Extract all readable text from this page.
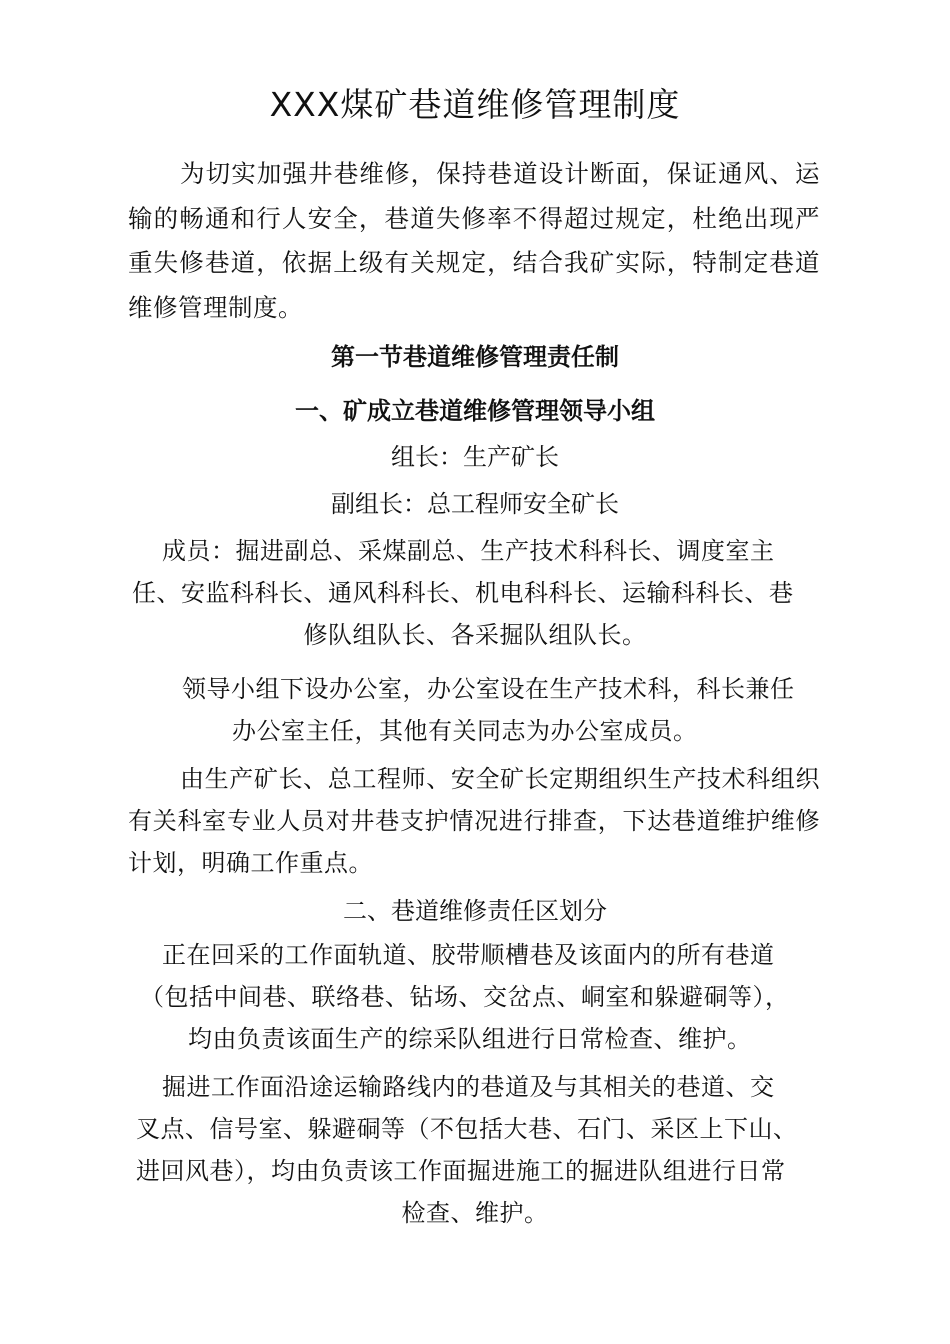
XXX煤矿巷道维修管理制度

为切实加强井巷维修，保持巷道设计断面，保证通风、运输的畅通和行人安全，巷道失修率不得超过规定，杜绝出现严重失修巷道，依据上级有关规定，结合我矿实际，特制定巷道维修管理制度。

第一节巷道维修管理责任制
一、矿成立巷道维修管理领导小组

组长：生产矿长

副组长：总工程师安全矿长

成员：掘进副总、采煤副总、生产技术科科长、调度室主
任、安监科科长、通风科科长、机电科科长、运输科科长、巷
修队组队长、各采掘队组队长。
领导小组下设办公室，办公室设在生产技术科，科长兼任
办公室主任，其他有关同志为办公室成员。

由生产矿长、总工程师、安全矿长定期组织生产技术科组织有关科室专业人员对井巷支护情况进行排查，下达巷道维护维修计划，明确工作重点。

二、巷道维修责任区划分

正在回采的工作面轨道、胶带顺槽巷及该面内的所有巷道
（包括中间巷、联络巷、钻场、交岔点、峒室和躲避硐等），
均由负责该面生产的综采队组进行日常检查、维护。
掘进工作面沿途运输路线内的巷道及与其相关的巷道、交
叉点、信号室、躲避硐等（不包括大巷、石门、采区上下山、
进回风巷），均由负责该工作面掘进施工的掘进队组进行日常
检查、维护。
